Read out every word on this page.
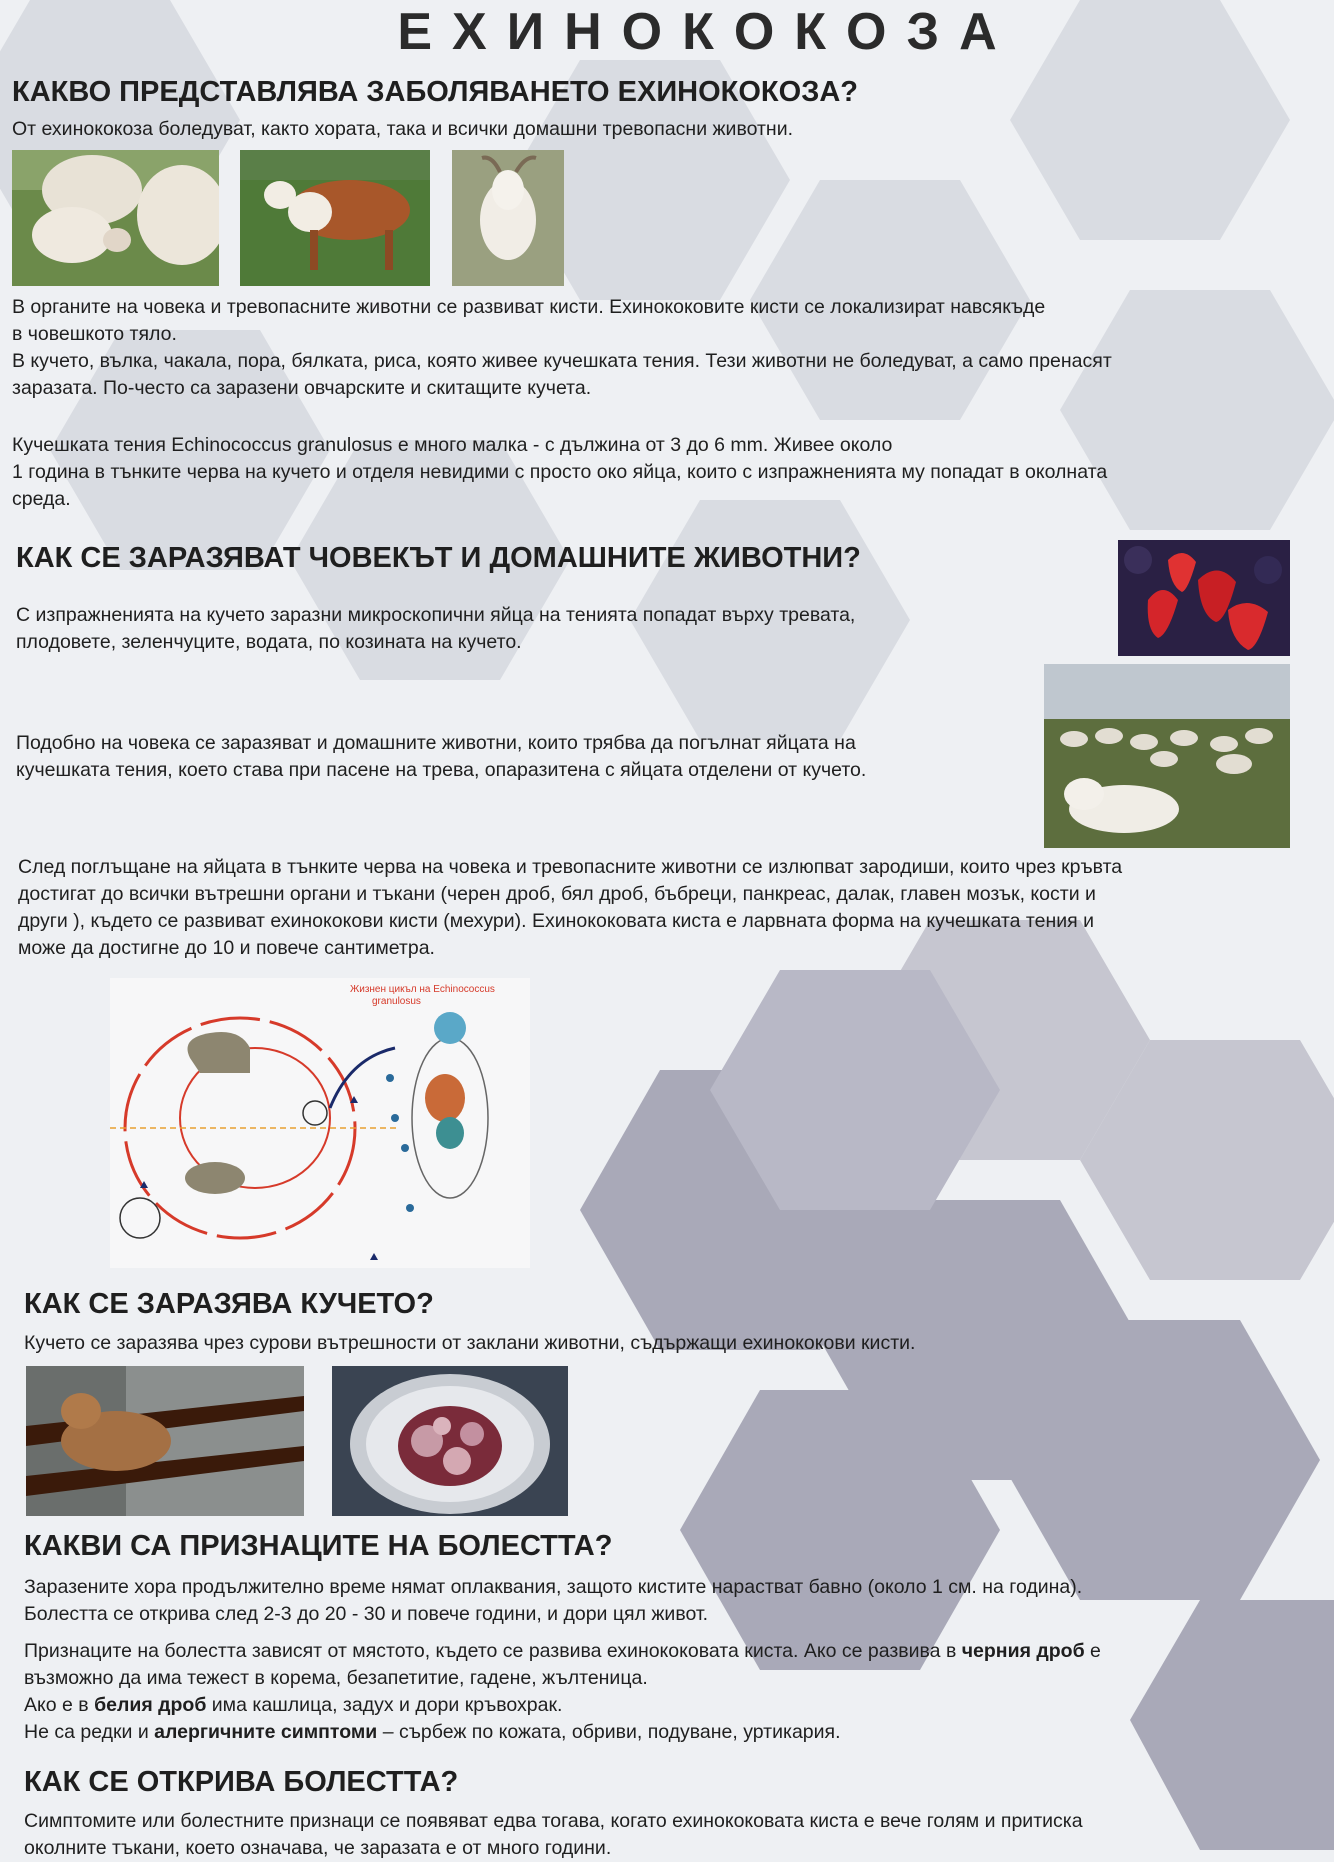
ЕХИНОКОКОЗА
КАКВО ПРЕДСТАВЛЯВА ЗАБОЛЯВАНЕТО ЕХИНОКОКОЗА?

От ехинококоза боледуват, както хората, така и всички домашни тревопасни животни.

В органите на човека и тревопасните животни се развиват кисти. Ехинококовите кисти се локализират навсякъде

в човешкото тяло.

В кучето, вълка, чакала, пора, бялката, риса, която живее кучешката тения. Тези животни не боледуват, а само пренасят

заразата. По-често са заразени овчарските и скитащите кучета.

Кучешката тения Echinococcus granulosus е много малка - с дължина от 3 до 6 mm. Живее около

1 година в тънките черва на кучето и отделя невидими с просто око яйца, които с изпражненията му попадат в околната

среда.

КАК СЕ ЗАРАЗЯВАТ ЧОВЕКЪТ И ДОМАШНИТЕ ЖИВОТНИ?

С изпражненията на кучето заразни микроскопични яйца на тенията попадат върху тревата,

плодовете, зеленчуците, водата, по козината на кучето.

Подобно на човека се заразяват и домашните животни, които трябва да погълнат яйцата на

кучешката тения, което става при пасене на трева, опаразитена с яйцата отделени от кучето.

След поглъщане на яйцата в тънките черва на човека и тревопасните животни се излюпват зародиши, които чрез кръвта

достигат до всички вътрешни органи и тъкани (черен дроб, бял дроб, бъбреци, панкреас, далак, главен мозък, кости и

други ), където се развиват ехинококови кисти (мехури). Ехинококовата киста е ларвната форма на кучешката тения и

може да достигне до 10 и повече сантиметра.

Жизнен цикъл на Echinococcus
granulosus
КАК СЕ ЗАРАЗЯВА КУЧЕТО?

Кучето се заразява чрез сурови вътрешности от заклани животни, съдържащи ехинококови кисти.

КАКВИ СА ПРИЗНАЦИТЕ НА БОЛЕСТТА?

Заразените хора продължително време нямат оплаквания, защото кистите нарастват бавно (около 1 см. на година).

Болестта се открива след 2-3 до 20 - 30 и повече години, и дори цял живот.

Признаците на болестта зависят от мястото, където се развива ехинококовата киста. Ако се развива в черния дроб е

възможно да има тежест в корема, безапетитие, гадене, жълтеница.

Ако е в белия дроб има кашлица, задух и дори кръвохрак.

Не са редки и алергичните симптоми – сърбеж по кожата, обриви, подуване, уртикария.

КАК СЕ ОТКРИВА БОЛЕСТТА?

Симптомите или болестните признаци се появяват едва тогава, когато ехинококовата киста е вече голям и притиска

околните тъкани, което означава, че заразата е от много години.
